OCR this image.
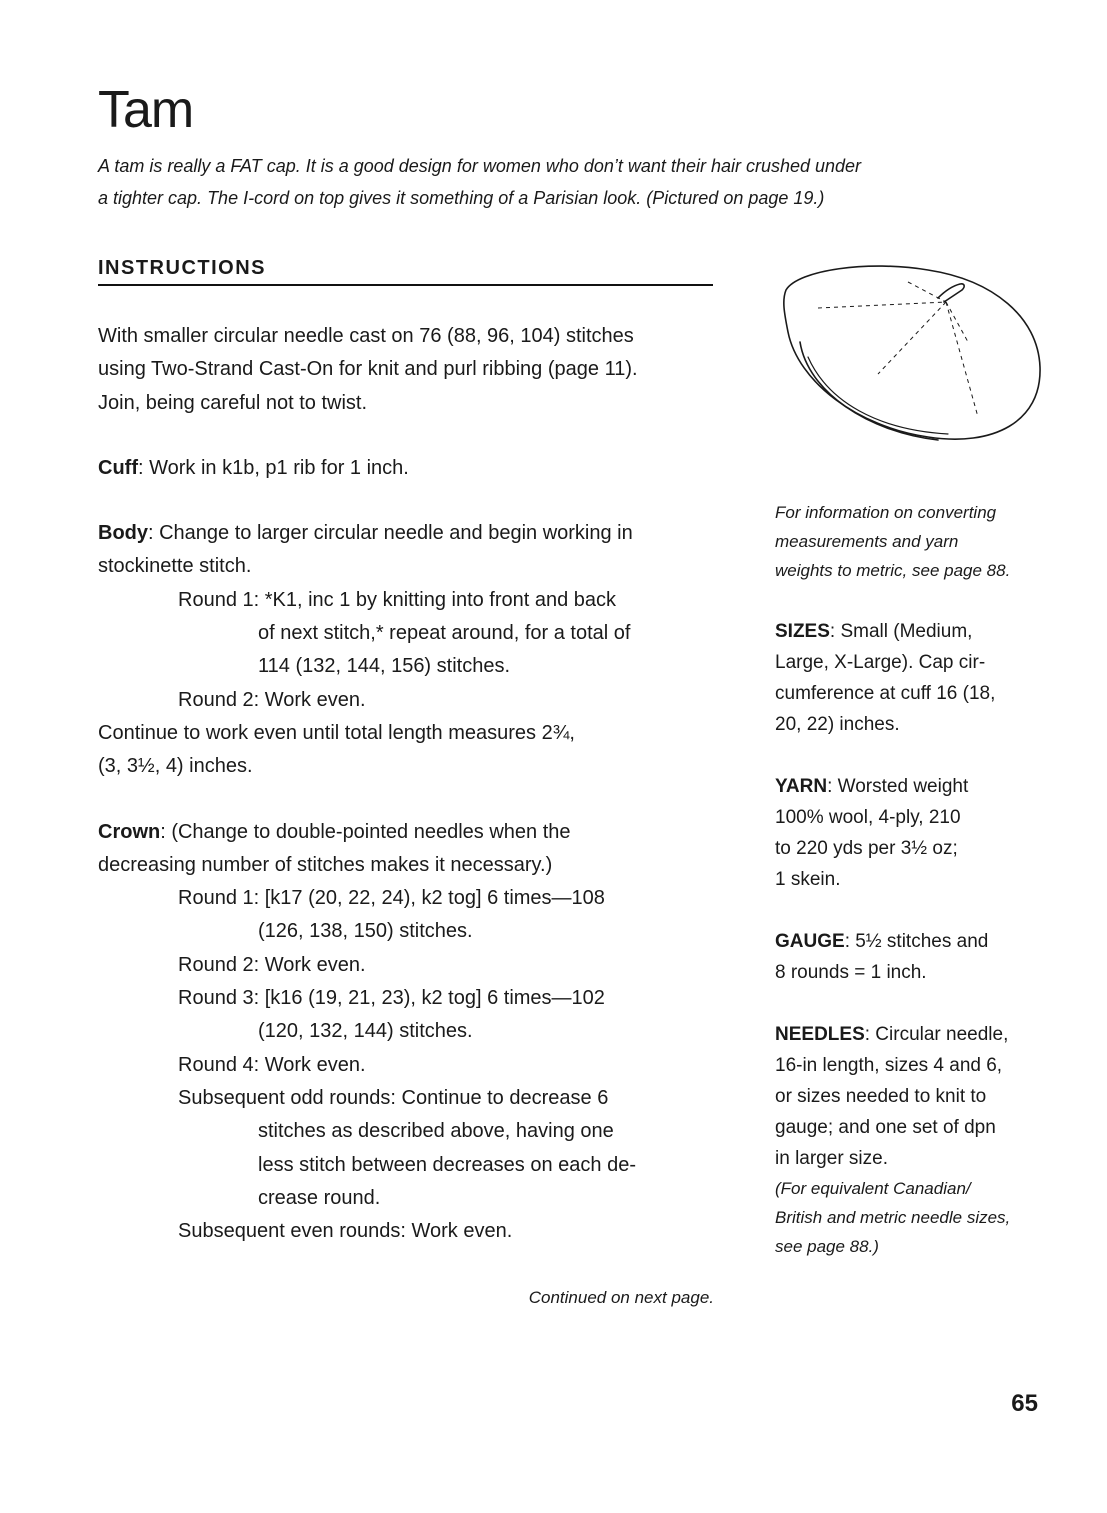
Tam
A tam is really a FAT cap. It is a good design for women who don’t want their hair crushed under
a tighter cap. The I-cord on top gives it something of a Parisian look. (Pictured on page 19.)
INSTRUCTIONS
With smaller circular needle cast on 76 (88, 96, 104) stitches
using Two-Strand Cast-On for knit and purl ribbing (page 11).
Join, being careful not to twist.
Cuff: Work in k1b, p1 rib for 1 inch.
Body: Change to larger circular needle and begin working in
stockinette stitch.
Round 1: *K1, inc 1 by knitting into front and back
of next stitch,* repeat around, for a total of
114 (132, 144, 156) stitches.
Round 2: Work even.
Continue to work even until total length measures 2¾,
(3, 3½, 4) inches.
Crown: (Change to double-pointed needles when the
decreasing number of stitches makes it necessary.)
Round 1: [k17 (20, 22, 24), k2 tog] 6 times—108
(126, 138, 150) stitches.
Round 2: Work even.
Round 3: [k16 (19, 21, 23), k2 tog] 6 times—102
(120, 132, 144) stitches.
Round 4: Work even.
Subsequent odd rounds: Continue to decrease 6
stitches as described above, having one
less stitch between decreases on each de-
crease round.
Subsequent even rounds: Work even.
Continued on next page.
For information on converting
measurements and yarn
weights to metric, see page 88.
SIZES: Small (Medium,
Large, X-Large). Cap cir-
cumference at cuff 16 (18,
20, 22) inches.
YARN: Worsted weight
100% wool, 4-ply, 210
to 220 yds per 3½ oz;
1 skein.
GAUGE: 5½ stitches and
8 rounds = 1 inch.
NEEDLES: Circular needle,
16-in length, sizes 4 and 6,
or sizes needed to knit to
gauge; and one set of dpn
in larger size.
(For equivalent Canadian/
British and metric needle sizes,
see page 88.)
65
